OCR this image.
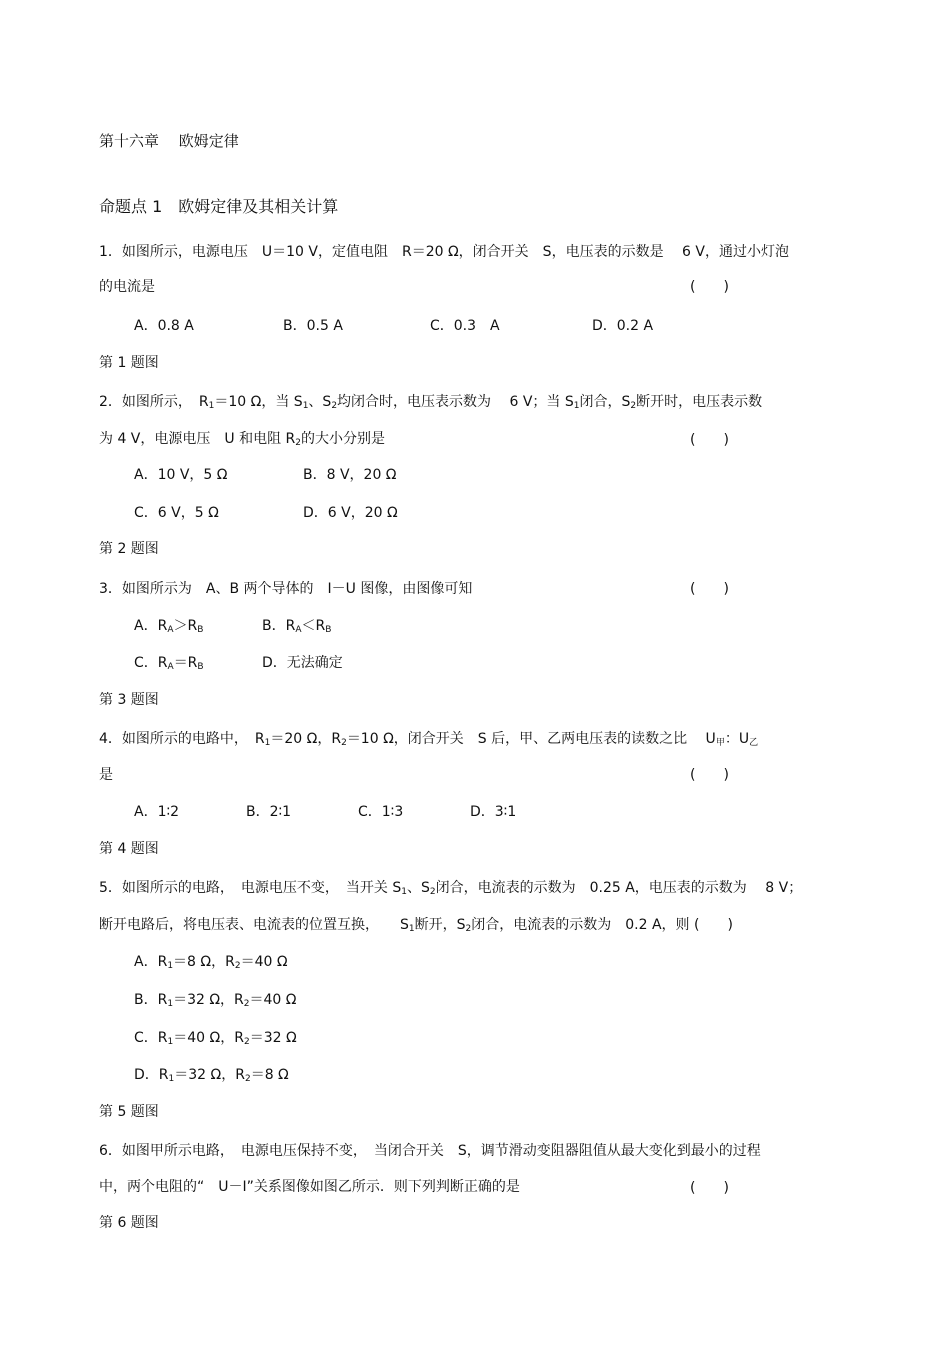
第十六章　 欧姆定律
命题点 1　欧姆定律及其相关计算
1．如图所示，电源电压　U＝10 V，定值电阻　R＝20 Ω，闭合开关　S，电压表的示数是　 6 V，通过小灯泡
的电流是	(　　)
A．0.8 A	B．0.5 A	C．0.3　A	D．0.2 A
第 1 题图
2．如图所示，　$R_1=10$ Ω，当 $S_1$、$S_2$均闭合时，电压表示数为　 6 V；当 $S_1$闭合，$S_2$断开时，电压表示数
为 4 V，电源电压　U 和电阻 $R_2$的大小分别是	(　　)
A．10 V，5 Ω	B．8 V，20 Ω
C．6 V，5 Ω	D．6 V，20 Ω
第 2 题图
3．如图所示为　A、B 两个导体的　I－U 图像，由图像可知	(　　)
A．$R_A>R_B$	B．$R_A<R_B$
C．$R_A=R_B$	D．无法确定
第 3 题图
4．如图所示的电路中，　$R_1=20$ Ω，$R_2=10$ Ω，闭合开关　S 后，甲、乙两电压表的读数之比　 $U_甲$：$U_乙$
是	(　　)
A．1∶2	B．2∶1	C．1∶3	D．3∶1
第 4 题图
5．如图所示的电路，　电源电压不变，　当开关 $S_1$、$S_2$闭合，电流表的示数为　0.25 A，电压表的示数为　 8 V；
断开电路后，将电压表、电流表的位置互换，　　$S_1$断开，$S_2$闭合，电流表的示数为　0.2 A，则 (　　)
A．$R_1=8$ Ω，$R_2=40$ Ω
B．$R_1=32$ Ω，$R_2=40$ Ω
C．$R_1=40$ Ω，$R_2=32$ Ω
D．$R_1=32$ Ω，$R_2=8$ Ω
第 5 题图
6．如图甲所示电路，　电源电压保持不变，　当闭合开关　S，调节滑动变阻器阻值从最大变化到最小的过程
中，两个电阻的“　U－I”关系图像如图乙所示．则下列判断正确的是	(　　)
第 6 题图
